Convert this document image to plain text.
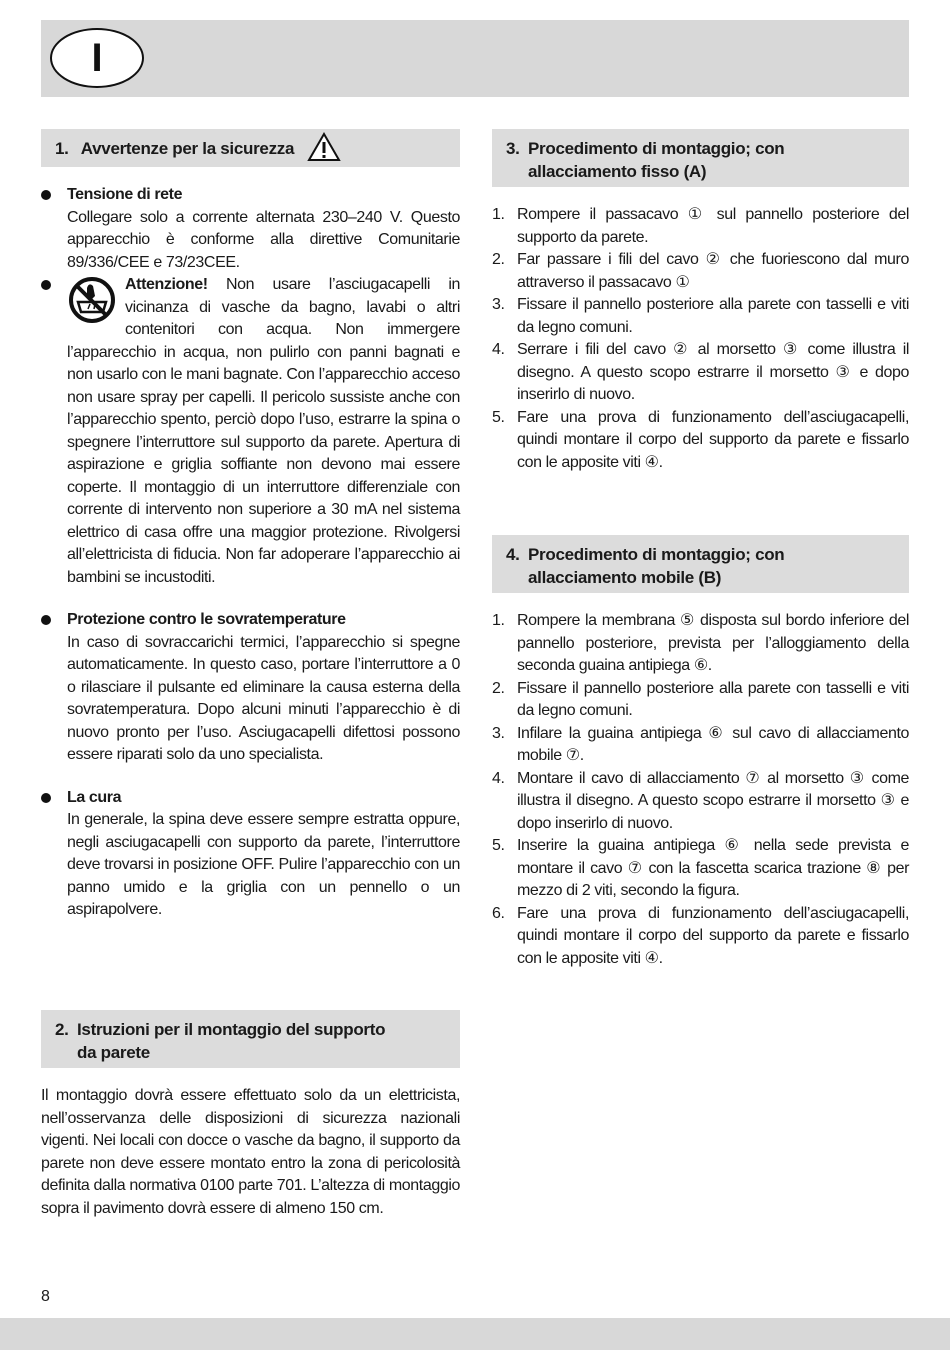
I
1. Avvertenze per la sicurezza
Tensione di rete
Collegare solo a corrente alternata 230–240 V. Questo apparecchio è conforme alla direttive Comunitarie 89/336/CEE e 73/23CEE.
Attenzione! Non usare l’asciugacapelli in vicinanza di vasche da bagno, lavabi o altri contenitori con acqua. Non immergere l’apparecchio in acqua, non pulirlo con panni bagnati e non usarlo con le mani bagnate. Con l’apparecchio acceso non usare spray per capelli. Il pericolo sussiste anche con l’apparecchio spento, perciò dopo l’uso, estrarre la spina o spegnere l’interruttore sul supporto da parete. Apertura di aspirazione e griglia soffiante non devono mai essere coperte. Il montaggio di un interruttore differenziale con corrente di intervento non superiore a 30 mA nel sistema elettrico di casa offre una maggior protezione. Rivolgersi all’elettricista di fiducia. Non far adoperare l’apparecchio ai bambini se incustoditi.
Protezione contro le sovratemperature
In caso di sovraccarichi termici, l’apparecchio si spegne automaticamente. In questo caso, portare l’interruttore a 0 o rilasciare il pulsante ed eliminare la causa esterna della sovratemperatura. Dopo alcuni minuti l’apparecchio è di nuovo pronto per l’uso. Asciugacapelli difettosi possono essere riparati solo da uno specialista.
La cura
In generale, la spina deve essere sempre estratta oppure, negli asciugacapelli con supporto da parete, l’interruttore deve trovarsi in posizione OFF. Pulire l’apparecchio con un panno umido e la griglia con un pennello o un aspirapolvere.
2. Istruzioni per il montaggio del supporto
da parete
Il montaggio dovrà essere effettuato solo da un elettricista, nell’osservanza delle disposizioni di sicurezza nazionali vigenti. Nei locali con docce o vasche da bagno, il supporto da parete non deve essere montato entro la zona di pericolosità definita dalla normativa 0100 parte 701. L’altezza di montaggio sopra il pavimento dovrà essere di almeno 150 cm.
3. Procedimento di montaggio; con
allacciamento fisso (A)
1. Rompere il passacavo ① sul pannello posteriore del supporto da parete.
2. Far passare i fili del cavo ② che fuoriescono dal muro attraverso il passacavo ①
3. Fissare il pannello posteriore alla parete con tasselli e viti da legno comuni.
4. Serrare i fili del cavo ② al morsetto ③ come illustra il disegno. A questo scopo estrarre il morsetto ③ e dopo inserirlo di nuovo.
5. Fare una prova di funzionamento dell’asciugacapelli, quindi montare il corpo del supporto da parete e fissarlo con le apposite viti ④.
4. Procedimento di montaggio; con
allacciamento mobile (B)
1. Rompere la membrana ⑤ disposta sul bordo inferiore del pannello posteriore, prevista per l’alloggiamento della seconda guaina antipiega ⑥.
2. Fissare il pannello posteriore alla parete con tasselli e viti da legno comuni.
3. Infilare la guaina antipiega ⑥ sul cavo di allacciamento mobile ⑦.
4. Montare il cavo di allacciamento ⑦ al morsetto ③ come illustra il disegno. A questo scopo estrarre il morsetto ③ e dopo inserirlo di nuovo.
5. Inserire la guaina antipiega ⑥ nella sede prevista e montare il cavo ⑦ con la fascetta scarica trazione ⑧ per mezzo di 2 viti, secondo la figura.
6. Fare una prova di funzionamento dell’asciugacapelli, quindi montare il corpo del supporto da parete e fissarlo con le apposite viti ④.
8
